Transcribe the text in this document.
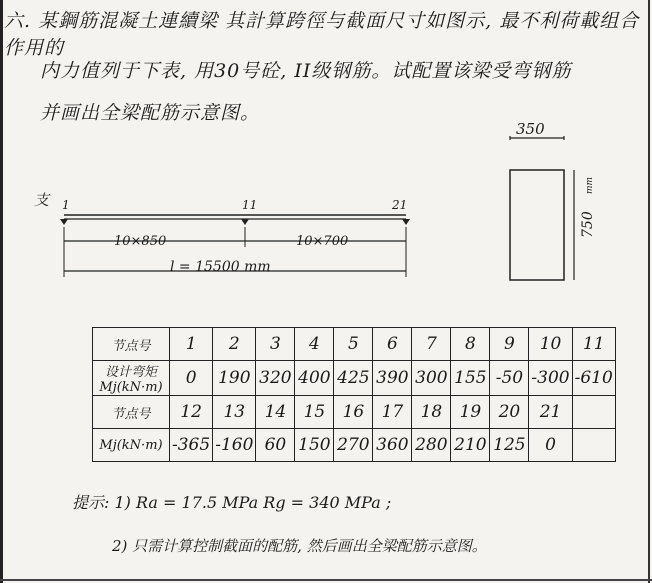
六. 某鋼筋混凝土連續梁 其計算跨徑与截面尺寸如图示, 最不利荷載组合作用的
内力值列于下表, 用30号砼, II级钢筋。试配置该梁受弯钢筋
并画出全梁配筋示意图。
350
750
mm
支 1	11	21
10×850	10×700
l = 15500 mm
节点号	1	2	3	4	5	6	7	8	9	10	11
设计弯矩 Mj(kN·m)	0	190	320	400	425	390	300	155	-50	-300	-610
节点号	12	13	14	15	16	17	18	19	20	21	
Mj(kN·m)	-365	-160	60	150	270	360	280	210	125	0	
提示: 1) Ra = 17.5 MPa Rg = 340 MPa ;
2) 只需计算控制截面的配筋, 然后画出全梁配筋示意图。
